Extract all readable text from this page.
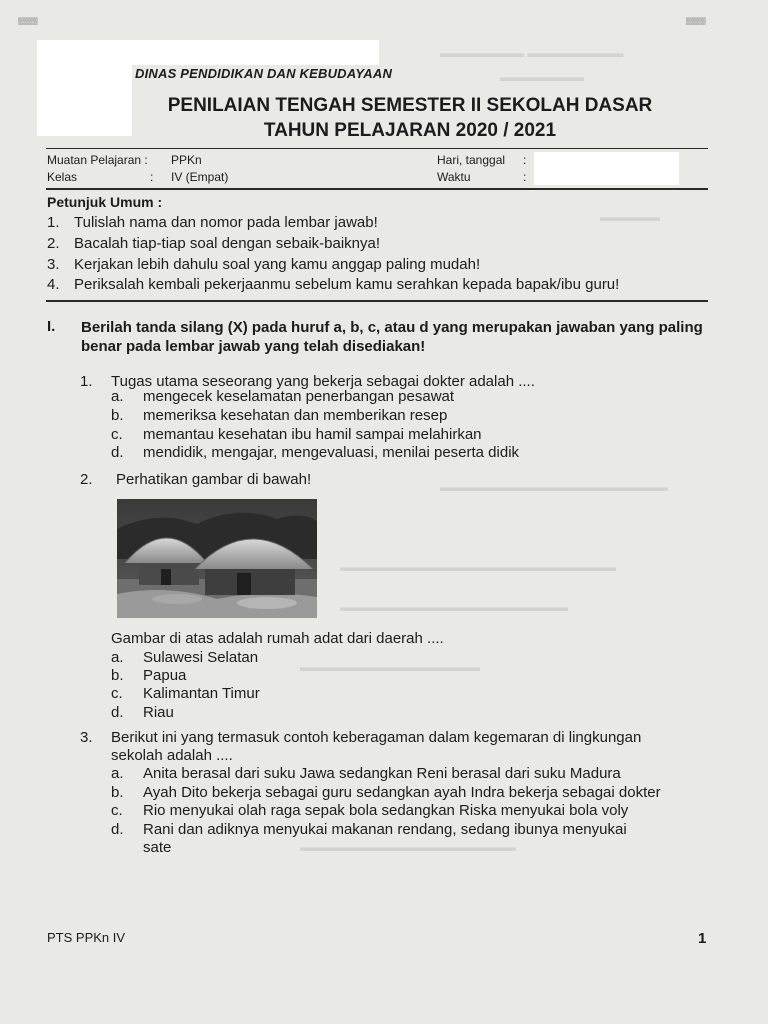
▒▒▒▒	▒▒▒▒
▬▬▬▬▬▬▬ ▬▬▬▬▬▬▬▬
▬▬▬▬▬▬▬
▬▬▬▬▬
▬▬▬▬▬▬▬▬▬▬▬▬▬▬▬▬▬▬▬
▬▬▬▬▬▬▬▬▬▬▬▬▬▬▬▬▬▬▬▬▬▬▬
▬▬▬▬▬▬▬▬▬▬▬▬▬▬▬▬▬▬▬
▬▬▬▬▬▬▬▬▬▬▬▬▬▬▬
▬▬▬▬▬▬▬▬▬▬▬▬▬▬▬▬▬▬
DINAS PENDIDIKAN DAN KEBUDAYAAN
PENILAIAN TENGAH SEMESTER II SEKOLAH DASAR
TAHUN PELAJARAN 2020 / 2021
Muatan Pelajaran : PPKn
Kelas	: IV (Empat)
Hari, tanggal :
Waktu	:
Petunjuk Umum :
1. Tulislah nama dan nomor pada lembar jawab!
2. Bacalah tiap-tiap soal dengan sebaik-baiknya!
3. Kerjakan lebih dahulu soal yang kamu anggap paling mudah!
4. Periksalah kembali pekerjaanmu sebelum kamu serahkan kepada bapak/ibu guru!
I. Berilah tanda silang (X) pada huruf a, b, c, atau d yang merupakan jawaban yang paling benar pada lembar jawab yang telah disediakan!
1. Tugas utama seseorang yang bekerja sebagai dokter adalah ....
a. mengecek keselamatan penerbangan pesawat
b. memeriksa kesehatan dan memberikan resep
c. memantau kesehatan ibu hamil sampai melahirkan
d. mendidik, mengajar, mengevaluasi, menilai peserta didik
2. Perhatikan gambar di bawah!
Gambar di atas adalah rumah adat dari daerah ....
a. Sulawesi Selatan
b. Papua
c. Kalimantan Timur
d. Riau
3. Berikut ini yang termasuk contoh keberagaman dalam kegemaran di lingkungan
sekolah adalah ....
a. Anita berasal dari suku Jawa sedangkan Reni berasal dari suku Madura
b. Ayah Dito bekerja sebagai guru sedangkan ayah Indra bekerja sebagai dokter
c. Rio menyukai olah raga sepak bola sedangkan Riska menyukai bola voly
d. Rani dan adiknya menyukai makanan rendang, sedang ibunya menyukai
sate
PTS PPKn IV	1
